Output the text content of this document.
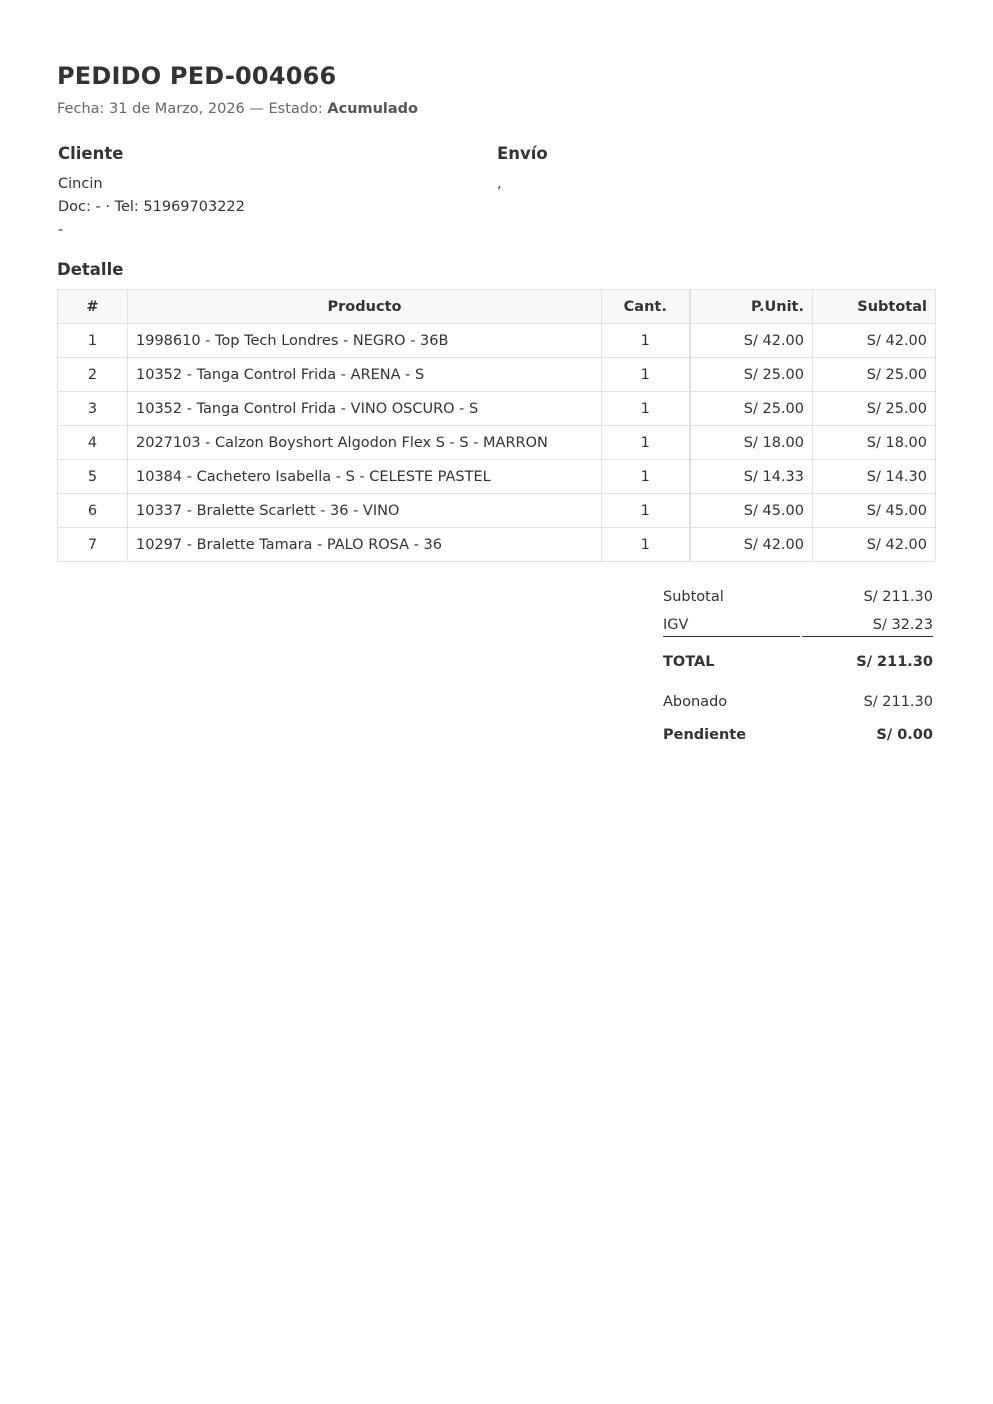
PEDIDO PED-004066
Fecha: 31 de Marzo, 2026 — Estado: Acumulado
Cliente
Cincin
Doc: - · Tel: 51969703222
-
Envío
,
Detalle
#	Producto	Cant.	P.Unit.	Subtotal
1	1998610 - Top Tech Londres - NEGRO - 36B	1	S/ 42.00	S/ 42.00
2	10352 - Tanga Control Frida - ARENA - S	1	S/ 25.00	S/ 25.00
3	10352 - Tanga Control Frida - VINO OSCURO - S	1	S/ 25.00	S/ 25.00
4	2027103 - Calzon Boyshort Algodon Flex S - S - MARRON	1	S/ 18.00	S/ 18.00
5	10384 - Cachetero Isabella - S - CELESTE PASTEL	1	S/ 14.33	S/ 14.30
6	10337 - Bralette Scarlett - 36 - VINO	1	S/ 45.00	S/ 45.00
7	10297 - Bralette Tamara - PALO ROSA - 36	1	S/ 42.00	S/ 42.00
Subtotal	S/ 211.30
IGV	S/ 32.23
TOTAL	S/ 211.30
Abonado	S/ 211.30
Pendiente	S/ 0.00
